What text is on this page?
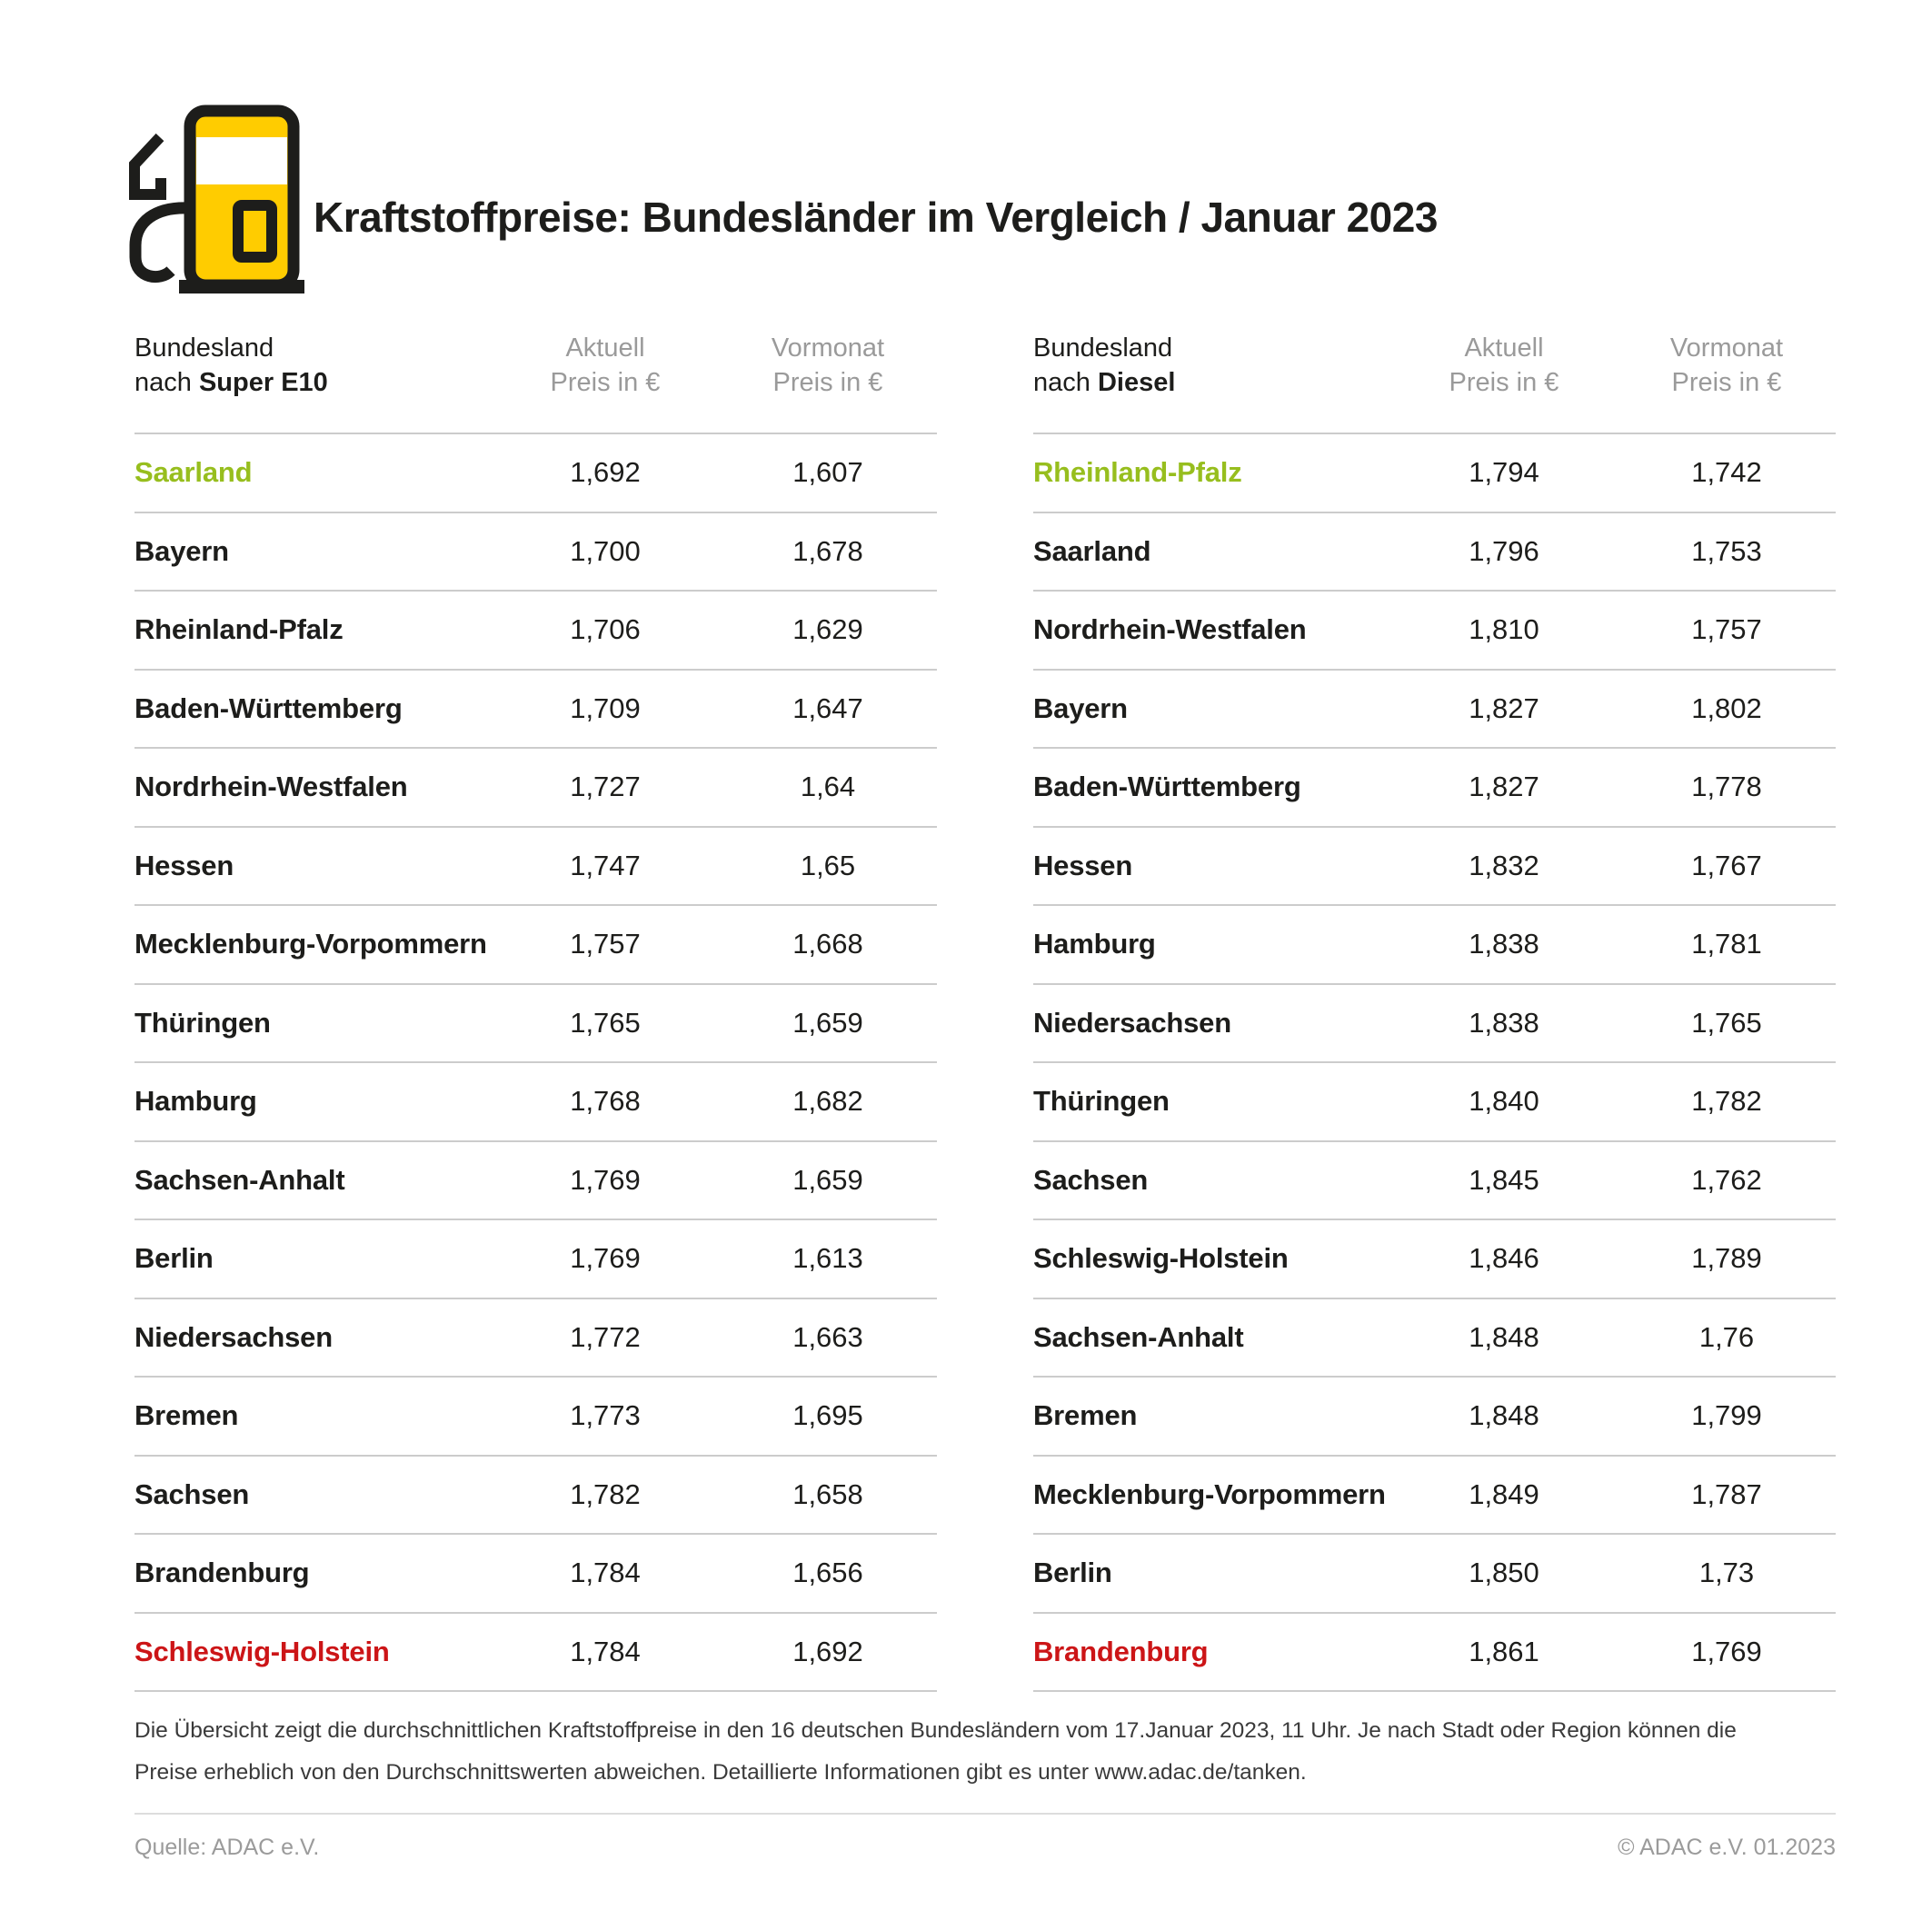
Kraftstoffpreise: Bundesländer im Vergleich / Januar 2023
Bundesland
nach Super E10
Aktuell
Preis in €
Vormonat
Preis in €
Saarland	1,692	1,607
Bayern	1,700	1,678
Rheinland-Pfalz	1,706	1,629
Baden-Württemberg	1,709	1,647
Nordrhein-Westfalen	1,727	1,64
Hessen	1,747	1,65
Mecklenburg-Vorpommern	1,757	1,668
Thüringen	1,765	1,659
Hamburg	1,768	1,682
Sachsen-Anhalt	1,769	1,659
Berlin	1,769	1,613
Niedersachsen	1,772	1,663
Bremen	1,773	1,695
Sachsen	1,782	1,658
Brandenburg	1,784	1,656
Schleswig-Holstein	1,784	1,692
Bundesland
nach Diesel
Aktuell
Preis in €
Vormonat
Preis in €
Rheinland-Pfalz	1,794	1,742
Saarland	1,796	1,753
Nordrhein-Westfalen	1,810	1,757
Bayern	1,827	1,802
Baden-Württemberg	1,827	1,778
Hessen	1,832	1,767
Hamburg	1,838	1,781
Niedersachsen	1,838	1,765
Thüringen	1,840	1,782
Sachsen	1,845	1,762
Schleswig-Holstein	1,846	1,789
Sachsen-Anhalt	1,848	1,76
Bremen	1,848	1,799
Mecklenburg-Vorpommern	1,849	1,787
Berlin	1,850	1,73
Brandenburg	1,861	1,769
Die Übersicht zeigt die durchschnittlichen Kraftstoffpreise in den 16 deutschen Bundesländern vom 17.Januar 2023, 11 Uhr. Je nach Stadt oder Region können die
Preise erheblich von den Durchschnittswerten abweichen. Detaillierte Informationen gibt es unter www.adac.de/tanken.
Quelle: ADAC e.V.	© ADAC e.V. 01.2023
